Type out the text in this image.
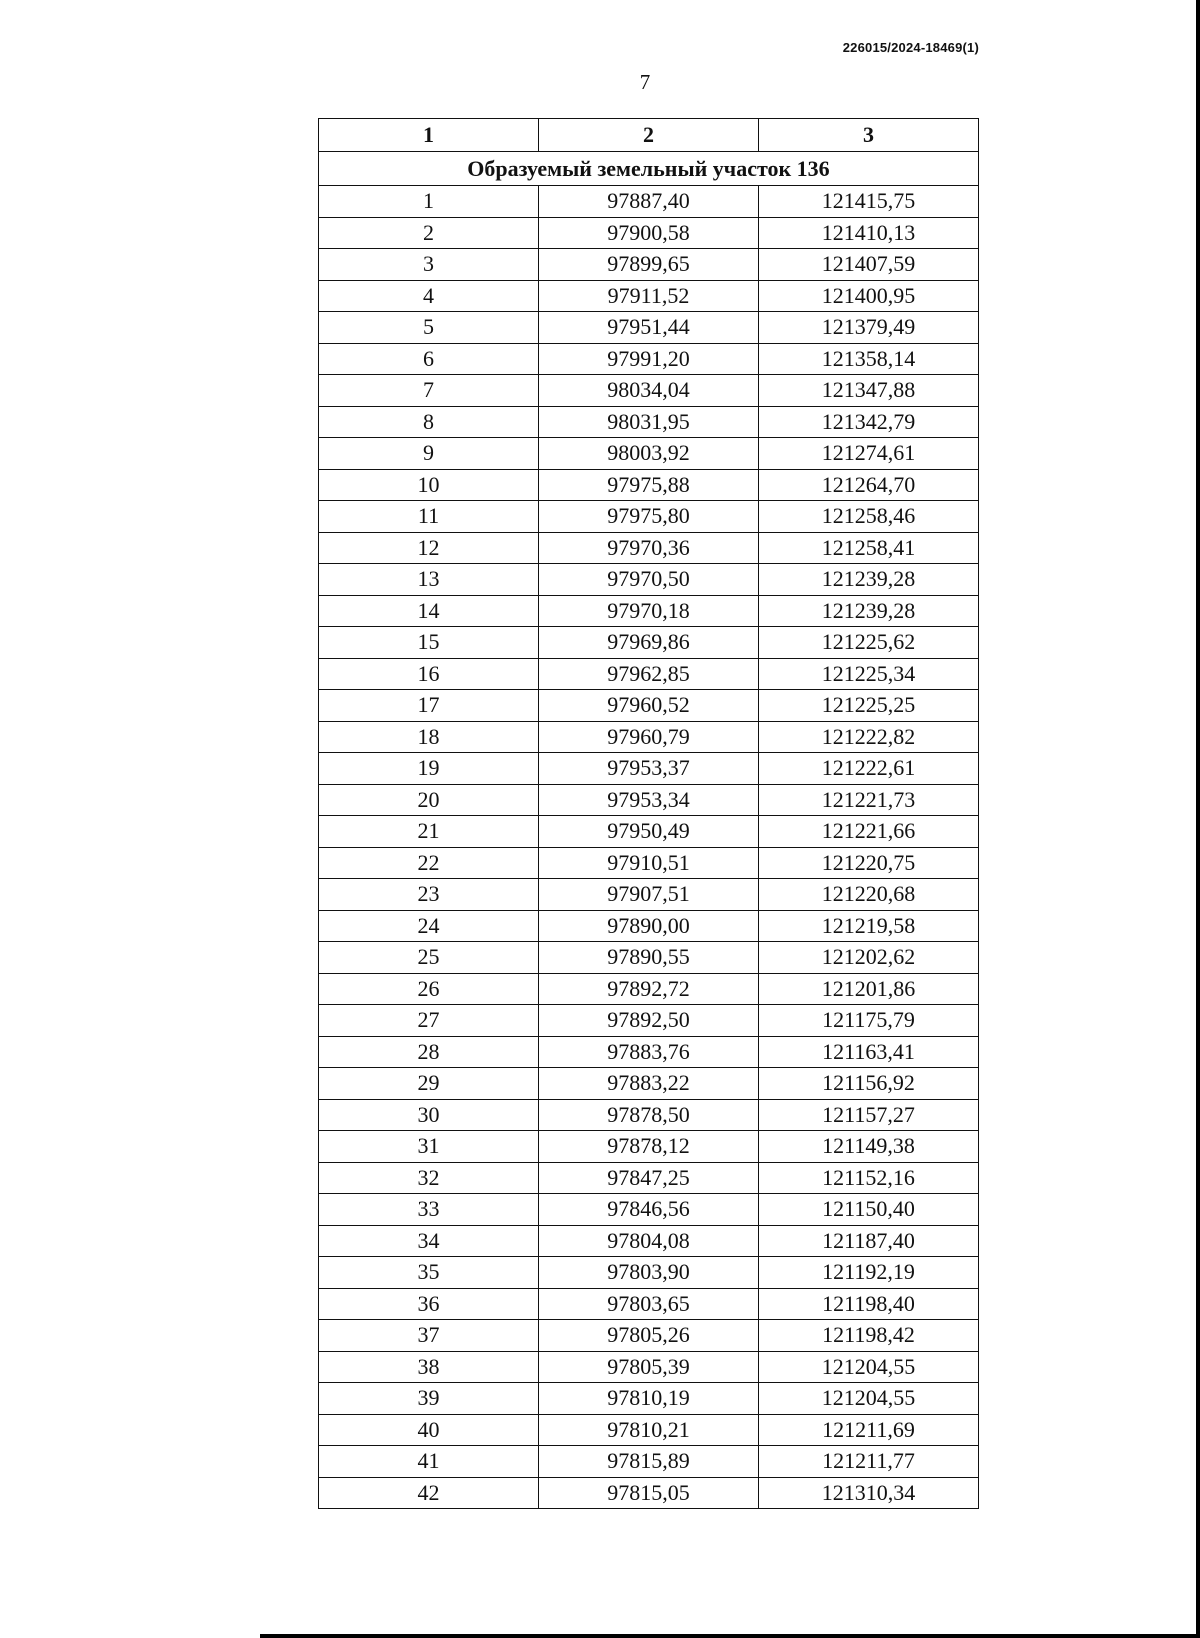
226015/2024-18469(1)
7
1	2	3
Образуемый земельный участок 136		
1	97887,40	121415,75
2	97900,58	121410,13
3	97899,65	121407,59
4	97911,52	121400,95
5	97951,44	121379,49
6	97991,20	121358,14
7	98034,04	121347,88
8	98031,95	121342,79
9	98003,92	121274,61
10	97975,88	121264,70
11	97975,80	121258,46
12	97970,36	121258,41
13	97970,50	121239,28
14	97970,18	121239,28
15	97969,86	121225,62
16	97962,85	121225,34
17	97960,52	121225,25
18	97960,79	121222,82
19	97953,37	121222,61
20	97953,34	121221,73
21	97950,49	121221,66
22	97910,51	121220,75
23	97907,51	121220,68
24	97890,00	121219,58
25	97890,55	121202,62
26	97892,72	121201,86
27	97892,50	121175,79
28	97883,76	121163,41
29	97883,22	121156,92
30	97878,50	121157,27
31	97878,12	121149,38
32	97847,25	121152,16
33	97846,56	121150,40
34	97804,08	121187,40
35	97803,90	121192,19
36	97803,65	121198,40
37	97805,26	121198,42
38	97805,39	121204,55
39	97810,19	121204,55
40	97810,21	121211,69
41	97815,89	121211,77
42	97815,05	121310,34
